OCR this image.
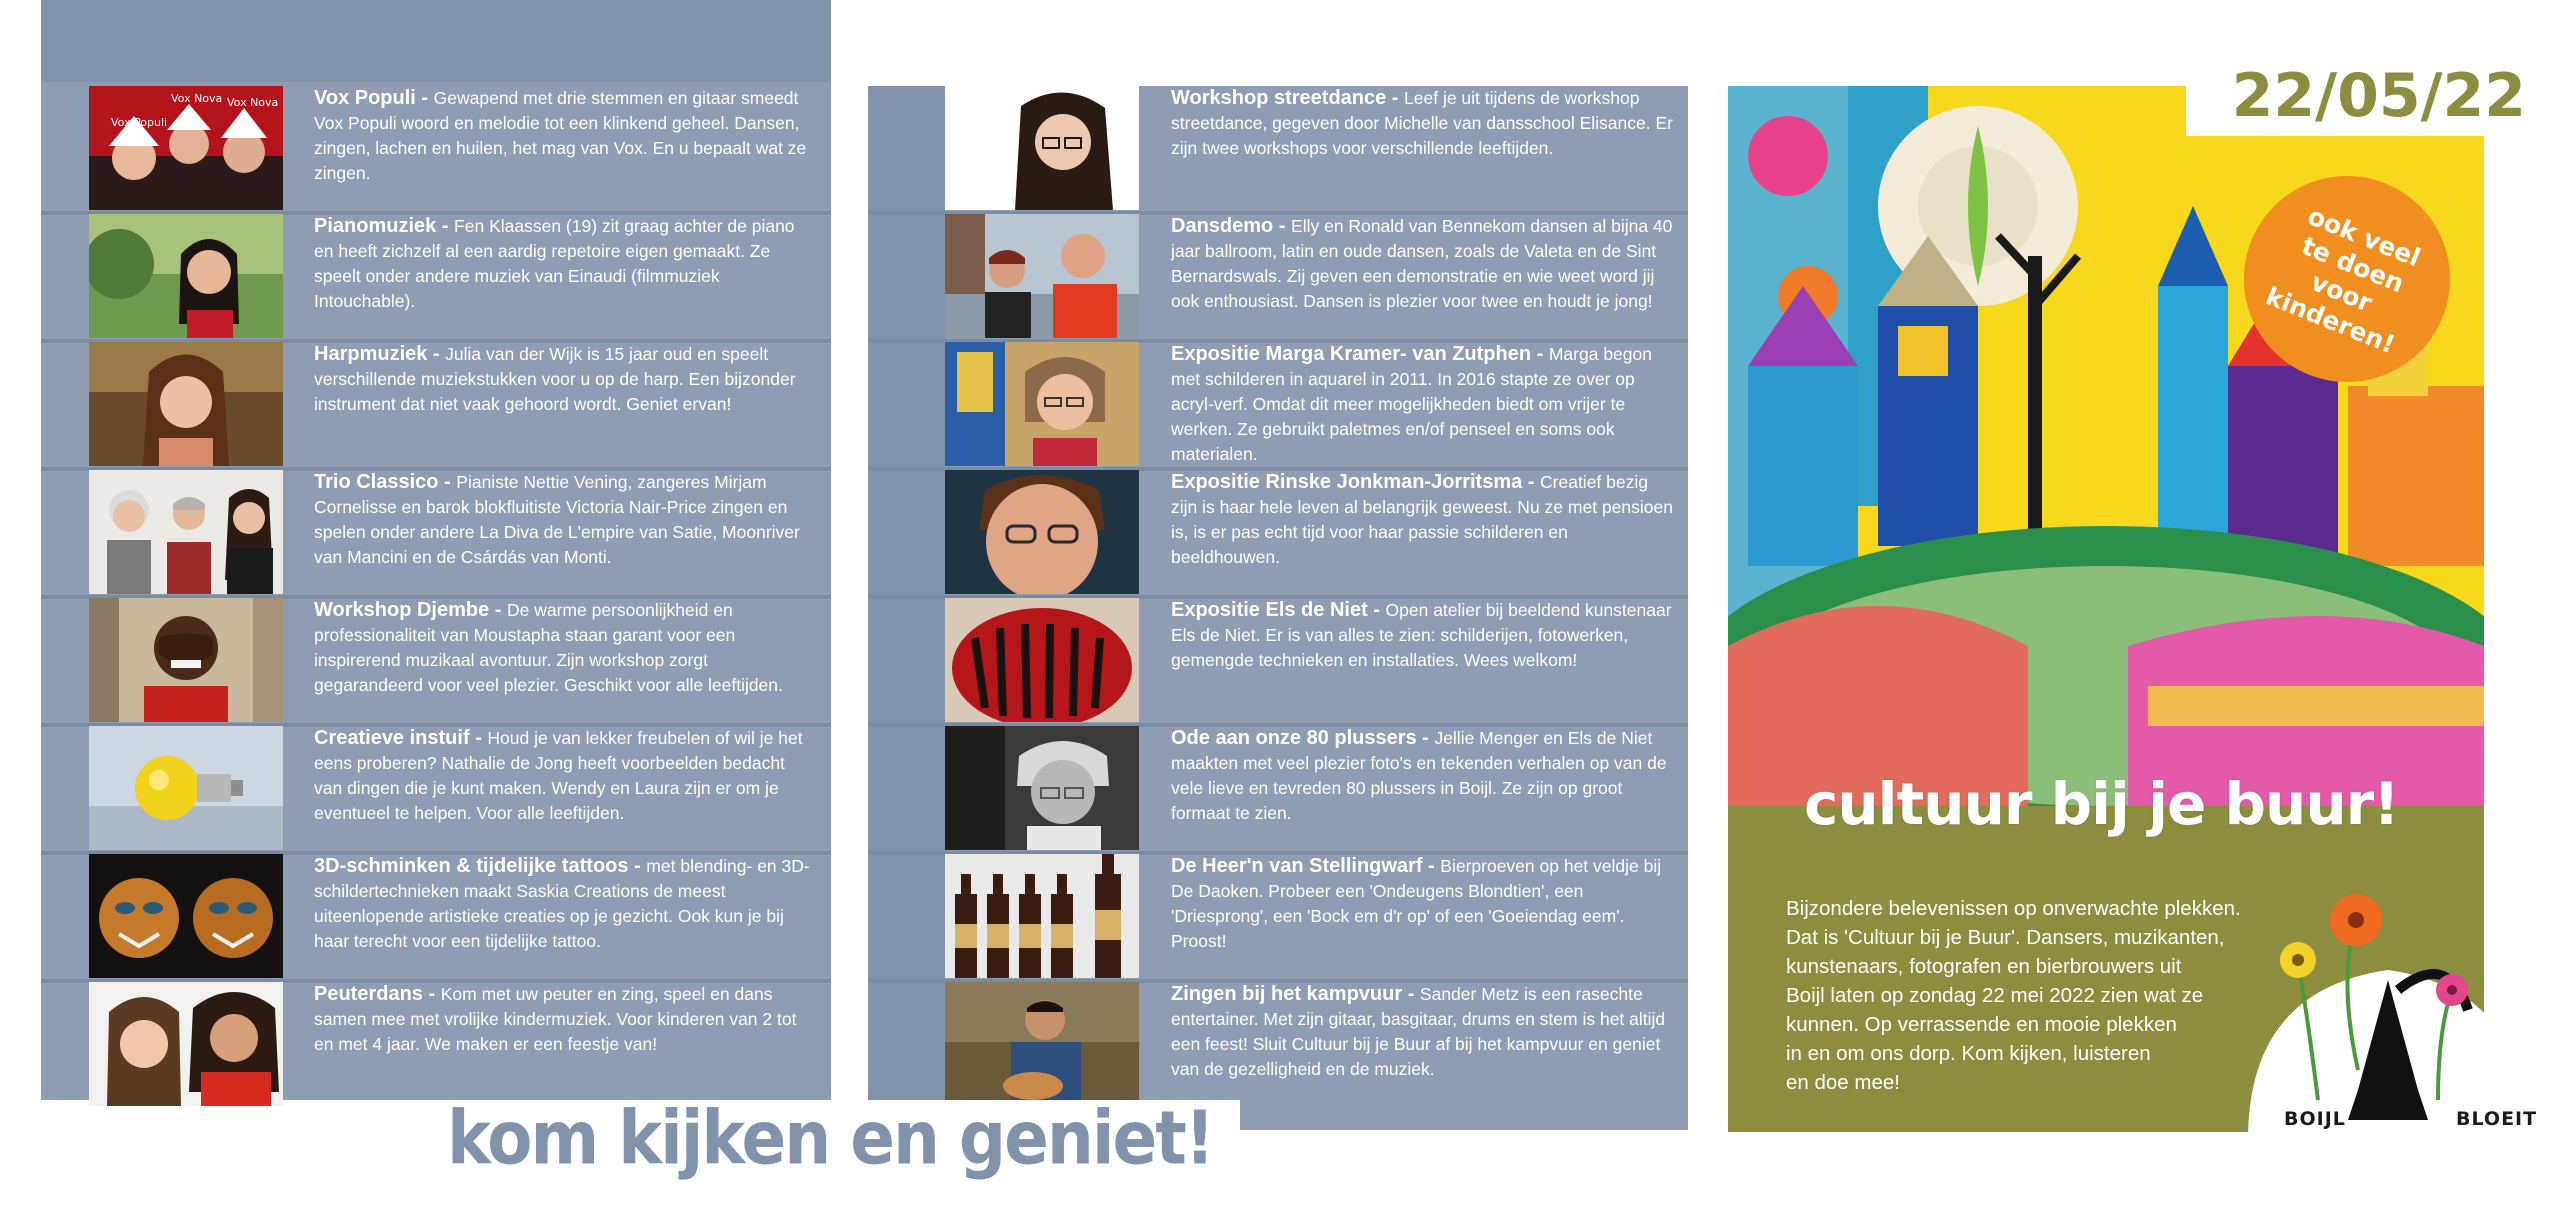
Vox Populi
Vox Nova Vox Nova Vox Populi - Gewapend met drie stemmen en gitaar smeedt Vox Populi woord en melodie tot een klinkend geheel. Dansen, zingen, lachen en huilen, het mag van Vox. En u bepaalt wat ze zingen.
Pianomuziek - Fen Klaassen (19) zit graag achter de piano en heeft zichzelf al een aardig repetoire eigen gemaakt. Ze speelt onder andere muziek van Einaudi (filmmuziek Intouchable).
Harpmuziek - Julia van der Wijk is 15 jaar oud en speelt verschillende muziekstukken voor u op de harp. Een bijzonder instrument dat niet vaak gehoord wordt. Geniet ervan!
Trio Classico - Pianiste Nettie Vening, zangeres Mirjam Cornelisse en barok blokfluitiste Victoria Nair-Price zingen en spelen onder andere La Diva de L'empire van Satie, Moonriver van Mancini en de Csárdás van Monti.
Workshop Djembe - De warme persoonlijkheid en professionaliteit van Moustapha staan garant voor een inspirerend muzikaal avontuur. Zijn workshop zorgt gegarandeerd voor veel plezier. Geschikt voor alle leeftijden.
Creatieve instuif - Houd je van lekker freubelen of wil je het eens proberen? Nathalie de Jong heeft voorbeelden bedacht van dingen die je kunt maken. Wendy en Laura zijn er om je eventueel te helpen. Voor alle leeftijden.
3D-schminken & tijdelijke tattoos - met blending- en 3D-schildertechnieken maakt Saskia Creations de meest uiteenlopende artistieke creaties op je gezicht. Ook kun je bij haar terecht voor een tijdelijke tattoo.
Peuterdans - Kom met uw peuter en zing, speel en dans samen mee met vrolijke kindermuziek. Voor kinderen van 2 tot en met 4 jaar. We maken er een feestje van!
Workshop streetdance - Leef je uit tijdens de workshop streetdance, gegeven door Michelle van dansschool Elisance. Er zijn twee workshops voor verschillende leeftijden.
Dansdemo - Elly en Ronald van Bennekom dansen al bijna 40 jaar ballroom, latin en oude dansen, zoals de Valeta en de Sint Bernardswals. Zij geven een demonstratie en wie weet word jij ook enthousiast. Dansen is plezier voor twee en houdt je jong!
Expositie Marga Kramer- van Zutphen - Marga begon met schilderen in aquarel in 2011. In 2016 stapte ze over op acryl-verf. Omdat dit meer mogelijkheden biedt om vrijer te werken. Ze gebruikt paletmes en/of penseel en soms ook materialen.
Expositie Rinske Jonkman-Jorritsma - Creatief bezig zijn is haar hele leven al belangrijk geweest. Nu ze met pensioen is, is er pas echt tijd voor haar passie schilderen en beeldhouwen.
Expositie Els de Niet - Open atelier bij beeldend kunstenaar Els de Niet. Er is van alles te zien: schilderijen, fotowerken, gemengde technieken en installaties. Wees welkom!
Ode aan onze 80 plussers - Jellie Menger en Els de Niet maakten met veel plezier foto's en tekenden verhalen op van de vele lieve en tevreden 80 plussers in Boijl. Ze zijn op groot formaat te zien.
De Heer'n van Stellingwarf - Bierproeven op het veldje bij De Daoken. Probeer een 'Ondeugens Blondtien', een 'Driesprong', een 'Bock em d'r op' of een 'Goeiendag eem'. Proost!
Zingen bij het kampvuur - Sander Metz is een rasechte entertainer. Met zijn gitaar, basgitaar, drums en stem is het altijd een feest! Sluit Cultuur bij je Buur af bij het kampvuur en geniet van de gezelligheid en de muziek.
kom kijken en geniet!
22/05/22
ook veel te doen voor kinderen!
cultuur bij je buur!
Bijzondere belevenissen op onverwachte plekken.
Dat is 'Cultuur bij je Buur'. Dansers, muzikanten,
kunstenaars, fotografen en bierbrouwers uit
Boijl laten op zondag 22 mei 2022 zien wat ze
kunnen. Op verrassende en mooie plekken
in en om ons dorp. Kom kijken, luisteren
en doe mee!
BOIJL	BLOEIT
